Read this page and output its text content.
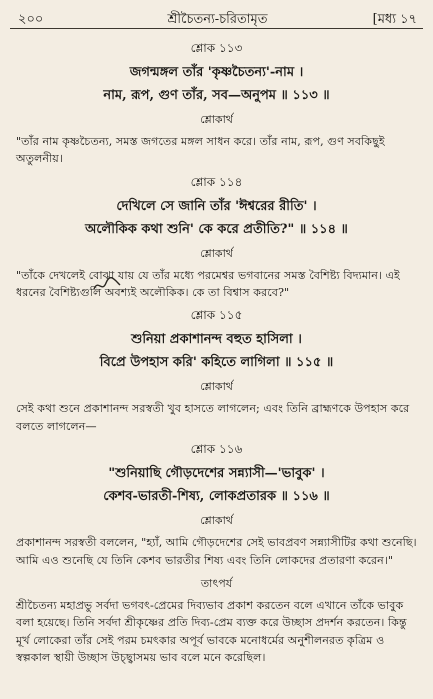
২০০	শ্রীচৈতন্য-চরিতামৃত	[মধ্য ১৭
শ্লোক ১১৩
জগন্মঙ্গল তাঁর 'কৃষ্ণচৈতন্য'-নাম ।
নাম, রূপ, গুণ তাঁর, সব—অনুপম ॥ ১১৩ ॥
শ্লোকার্থ

"তাঁর নাম কৃষ্ণচৈতন্য, সমস্ত জগতের মঙ্গল সাধন করে। তাঁর নাম, রূপ, গুণ সবকিছুই অতুলনীয়।

শ্লোক ১১৪
দেখিলে সে জানি তাঁর 'ঈশ্বরের রীতি' ।
অলৌকিক কথা শুনি' কে করে প্রতীতি?" ॥ ১১৪ ॥
শ্লোকার্থ

"তাঁকে দেখলেই বোঝা যায় যে তাঁর মধ্যে পরমেশ্বর ভগবানের সমস্ত বৈশিষ্ট্য বিদ্যমান। এই ধরনের বৈশিষ্ট্যগুলি অবশ্যই অলৌকিক। কে তা বিশ্বাস করবে?"

শ্লোক ১১৫
শুনিয়া প্রকাশানন্দ বহুত হাসিলা ।
বিপ্রে উপহাস করি' কহিতে লাগিলা ॥ ১১৫ ॥
শ্লোকার্থ

সেই কথা শুনে প্রকাশানন্দ সরস্বতী খুব হাসতে লাগলেন; এবং তিনি ব্রাহ্মণকে উপহাস করে বলতে লাগলেন—

শ্লোক ১১৬
"শুনিয়াছি গৌড়দেশের সন্ন্যাসী—'ভাবুক' ।
কেশব-ভারতী-শিষ্য, লোকপ্রতারক ॥ ১১৬ ॥
শ্লোকার্থ

প্রকাশানন্দ সরস্বতী বললেন, "হ্যাঁ, আমি গৌড়দেশের সেই ভাবপ্রবণ সন্ন্যাসীটির কথা শুনেছি। আমি এও শুনেছি যে তিনি কেশব ভারতীর শিষ্য এবং তিনি লোকদের প্রতারণা করেন।"

তাৎপর্য

শ্রীচৈতন্য মহাপ্রভু সর্বদা ভগবৎ-প্রেমের দিব্যভাব প্রকাশ করতেন বলে এখানে তাঁকে ভাবুক বলা হয়েছে। তিনি সর্বদা শ্রীকৃষ্ণের প্রতি দিব্য-প্রেম ব্যক্ত করে উচ্ছাস প্রদর্শন করতেন। কিন্তু মূর্খ লোকেরা তাঁর সেই পরম চমৎকার অপূর্ব ভাবকে মনোধর্মের অনুশীলনরত কৃত্রিম ও স্বল্পকাল স্থায়ী উচ্ছাস উচ্ছ্বাসময় ভাব বলে মনে করেছিল।
